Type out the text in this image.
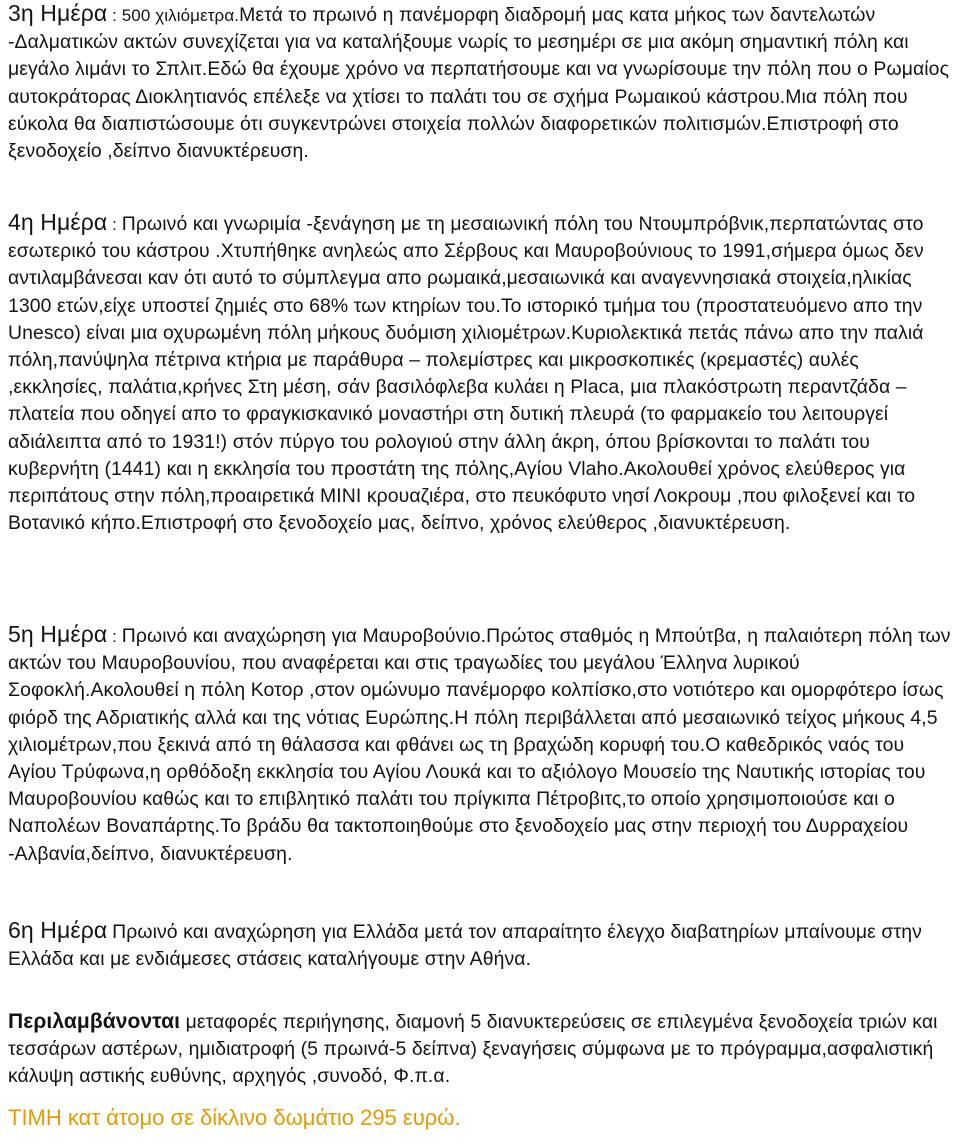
3η Ημέρα : 500 χιλιόμετρα.Μετά το πρωινό η πανέμορφη διαδρομή μας κατα μήκος των δαντελωτών -Δαλματικών ακτών συνεχίζεται για να καταλήξουμε νωρίς το μεσημέρι σε μια ακόμη σημαντική πόλη και μεγάλο λιμάνι το Σπλιτ.Εδώ θα έχουμε χρόνο να περπατήσουμε και να γνωρίσουμε την πόλη που ο Ρωμαίος αυτοκράτορας Διοκλητιανός επέλεξε να χτίσει το παλάτι του σε σχήμα Ρωμαικού κάστρου.Μια πόλη που εύκολα θα διαπιστώσουμε ότι συγκεντρώνει στοιχεία πολλών διαφορετικών πολιτισμών.Επιστροφή στο ξενοδοχείο ,δείπνο διανυκτέρευση.

4η Ημέρα : Πρωινό και γνωριμία -ξενάγηση με τη μεσαιωνική πόλη του Ντουμπρόβνικ,περπατώντας στο εσωτερικό του κάστρου .Χτυπήθηκε ανηλεώς απο Σέρβους και Μαυροβούνιους το 1991,σήμερα όμως δεν αντιλαμβάνεσαι καν ότι αυτό το σύμπλεγμα απο ρωμαικά,μεσαιωνικά και αναγεννησιακά στοιχεία,ηλικίας 1300 ετών,είχε υποστεί ζημιές στο 68% των κτηρίων του.Το ιστορικό τμήμα του (προστατευόμενο απο την Unesco) είναι μια οχυρωμένη πόλη μήκους δυόμιση χιλιομέτρων.Κυριολεκτικά πετάς πάνω απο την παλιά πόλη,πανύψηλα πέτρινα κτήρια με παράθυρα – πολεμίστρες και μικροσκοπικές (κρεμαστές) αυλές ,εκκλησίες, παλάτια,κρήνες Στη μέση, σάν βασιλόφλεβα κυλάει η Placa, μια πλακόστρωτη περαντζάδα – πλατεία που οδηγεί απο το φραγκισκανικό μοναστήρι στη δυτική πλευρά (το φαρμακείο του λειτουργεί αδιάλειπτα από το 1931!) στόν πύργο του ρολογιού στην άλλη άκρη, όπου βρίσκονται το παλάτι του κυβερνήτη (1441) και η εκκλησία του προστάτη της πόλης,Αγίου Vlaho.Ακολουθεί χρόνος ελεύθερος για περιπάτους στην πόλη,προαιρετικά MINI κρουαζιέρα, στο πευκόφυτο νησί Λοκρουμ ,που φιλοξενεί και το Βοτανικό κήπο.Επιστροφή στο ξενοδοχείο μας, δείπνο, χρόνος ελεύθερος ,διανυκτέρευση.

5η Ημέρα : Πρωινό και αναχώρηση για Μαυροβούνιο.Πρώτος σταθμός η Μπούτβα, η παλαιότερη πόλη των ακτών του Μαυροβουνίου, που αναφέρεται και στις τραγωδίες του μεγάλου Έλληνα λυρικού Σοφοκλή.Ακολουθεί η πόλη Κοτορ ,στον ομώνυμο πανέμορφο κολπίσκο,στο νοτιότερο και ομορφότερο ίσως φιόρδ της Αδριατικής αλλά και της νότιας Ευρώπης.Η πόλη περιβάλλεται από μεσαιωνικό τείχος μήκους 4,5 χιλιομέτρων,που ξεκινά από τη θάλασσα και φθάνει ως τη βραχώδη κορυφή του.Ο καθεδρικός ναός του Αγίου Τρύφωνα,η ορθόδοξη εκκλησία του Αγίου Λουκά και το αξιόλογο Μουσείο της Ναυτικής ιστορίας του Μαυροβουνίου καθώς και το επιβλητικό παλάτι του πρίγκιπα Πέτροβιτς,το οποίο χρησιμοποιούσε και ο Ναπολέων Βοναπάρτης.Το βράδυ θα τακτοποιηθούμε στο ξενοδοχείο μας στην περιοχή του Δυρραχείου -Αλβανία,δείπνο, διανυκτέρευση.

6η Ημέρα Πρωινό και αναχώρηση για Ελλάδα μετά τον απαραίτητο έλεγχο διαβατηρίων μπαίνουμε στην Ελλάδα και με ενδιάμεσες στάσεις καταλήγουμε στην Αθήνα.

Περιλαμβάνονται μεταφορές περιήγησης, διαμονή 5 διανυκτερεύσεις σε επιλεγμένα ξενοδοχεία τριών και τεσσάρων αστέρων, ημιδιατροφή (5 πρωινά-5 δείπνα) ξεναγήσεις σύμφωνα με το πρόγραμμα,ασφαλιστική κάλυψη αστικής ευθύνης, αρχηγός ,συνοδό, Φ.π.α.

ΤΙΜΗ κατ άτομο σε δίκλινο δωμάτιο 295 ευρώ.
